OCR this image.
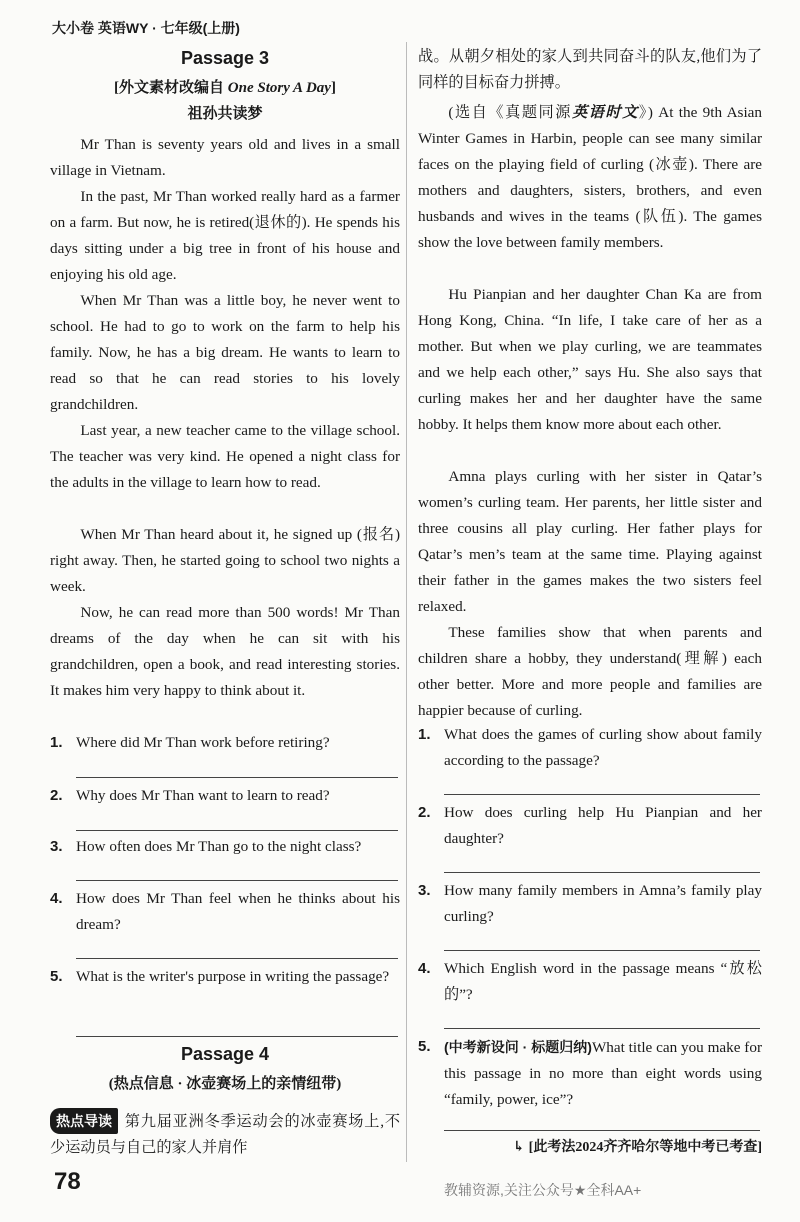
大小卷 英语WY · 七年级(上册)
Passage 3
[外文素材改编自 One Story A Day]
祖孙共读梦
Mr Than is seventy years old and lives in a small village in Vietnam.
In the past, Mr Than worked really hard as a farmer on a farm. But now, he is retired(退休的). He spends his days sitting under a big tree in front of his house and enjoying his old age.
When Mr Than was a little boy, he never went to school. He had to go to work on the farm to help his family. Now, he has a big dream. He wants to learn to read so that he can read stories to his lovely grandchildren.
Last year, a new teacher came to the village school. The teacher was very kind. He opened a night class for the adults in the village to learn how to read.
When Mr Than heard about it, he signed up (报名) right away. Then, he started going to school two nights a week.
Now, he can read more than 500 words! Mr Than dreams of the day when he can sit with his grandchildren, open a book, and read interesting stories. It makes him very happy to think about it.
1. Where did Mr Than work before retiring?
2. Why does Mr Than want to learn to read?
3. How often does Mr Than go to the night class?
4. How does Mr Than feel when he thinks about his dream?
5. What is the writer's purpose in writing the passage?
Passage 4
(热点信息 · 冰壶赛场上的亲情纽带)
热点导读 第九届亚洲冬季运动会的冰壶赛场上,不少运动员与自己的家人并肩作
战。从朝夕相处的家人到共同奋斗的队友,他们为了同样的目标奋力拼搏。
(选自《真题同源英语时文》) At the 9th Asian Winter Games in Harbin, people can see many similar faces on the playing field of curling (冰壶). There are mothers and daughters, sisters, brothers, and even husbands and wives in the teams (队伍). The games show the love between family members.
Hu Pianpian and her daughter Chan Ka are from Hong Kong, China. “In life, I take care of her as a mother. But when we play curling, we are teammates and we help each other,” says Hu. She also says that curling makes her and her daughter have the same hobby. It helps them know more about each other.
Amna plays curling with her sister in Qatar’s women’s curling team. Her parents, her little sister and three cousins all play curling. Her father plays for Qatar’s men’s team at the same time. Playing against their father in the games makes the two sisters feel relaxed.
These families show that when parents and children share a hobby, they understand(理解) each other better. More and more people and families are happier because of curling.
1. What does the games of curling show about family according to the passage?
2. How does curling help Hu Pianpian and her daughter?
3. How many family members in Amna’s family play curling?
4. Which English word in the passage means “放松的”?
5. (中考新设问 · 标题归纳)What title can you make for this passage in no more than eight words using “family, power, ice”?
↳ [此考法2024齐齐哈尔等地中考已考查]
78	教辅资源,关注公众号★全科AA+
